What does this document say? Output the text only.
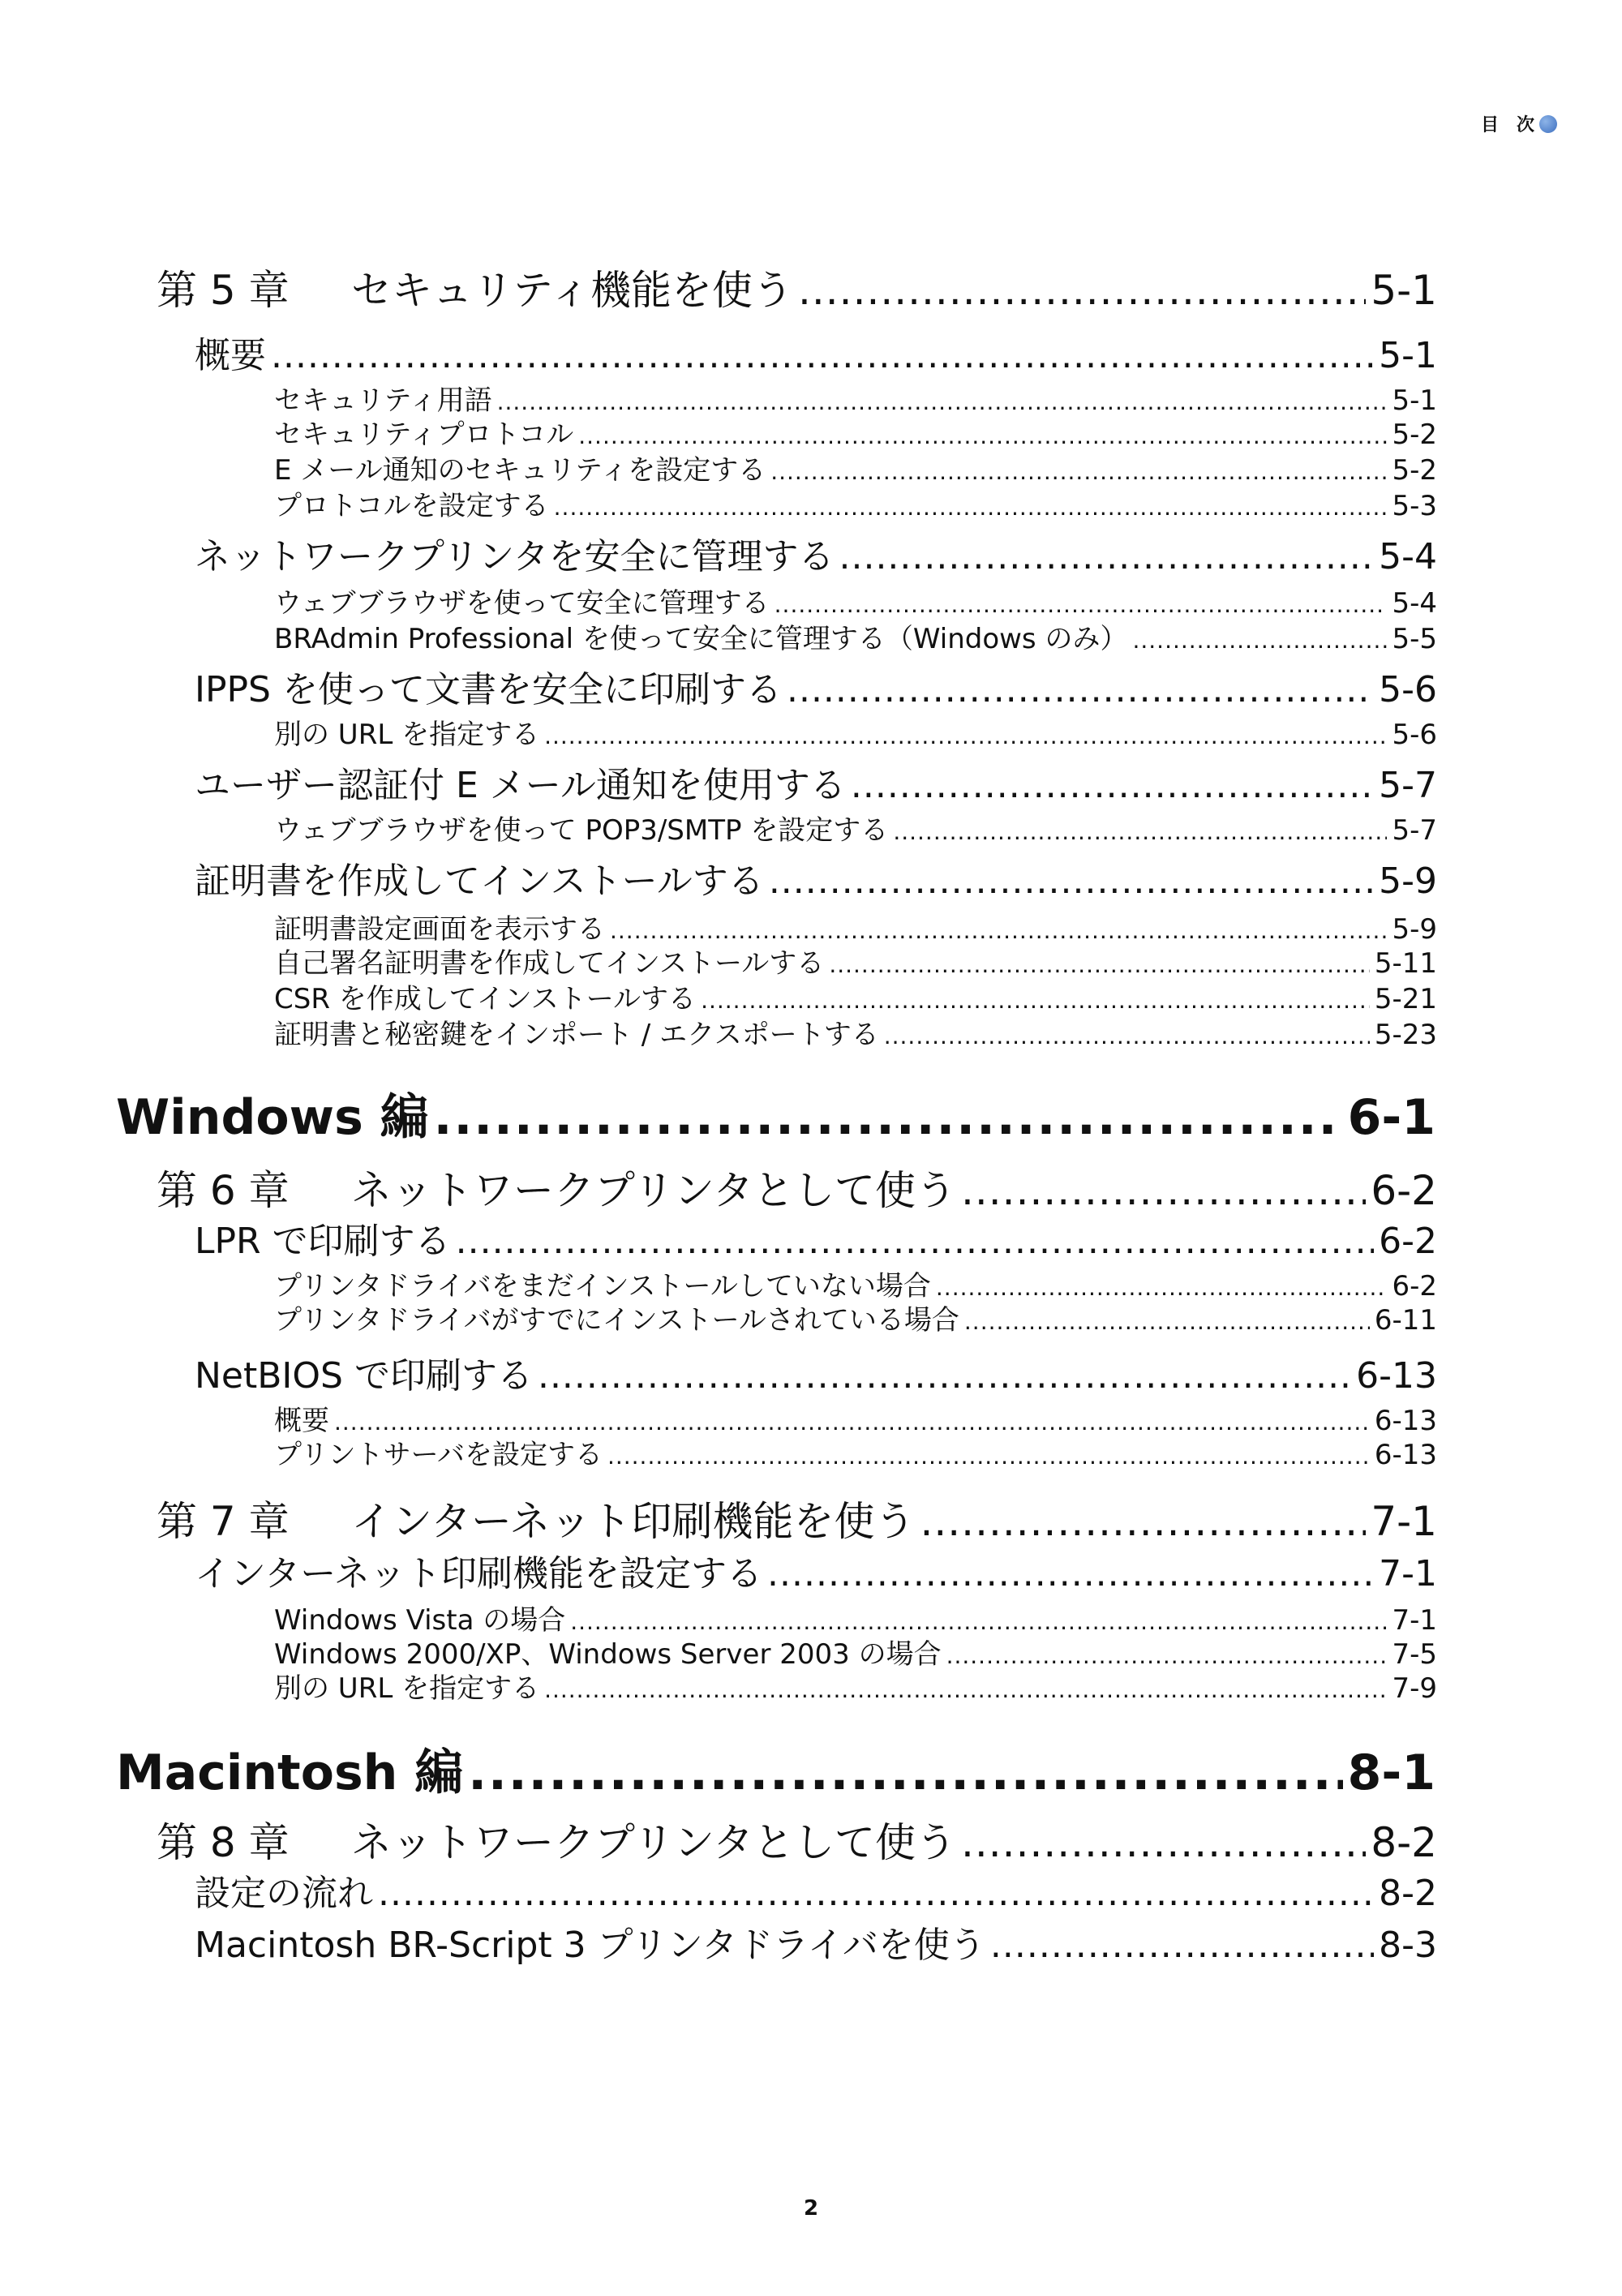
目　次
第 5 章 セキュリティ機能を使う .....	5-1
概要 .....	5-1
セキュリティ用語 .....	5-1
セキュリティプロトコル .....	5-2
E メール通知のセキュリティを設定する .....	5-2
プロトコルを設定する .....	5-3
ネットワークプリンタを安全に管理する .....	5-4
ウェブブラウザを使って安全に管理する .....	5-4
BRAdmin Professional を使って安全に管理する（Windows のみ） .....	5-5
IPPS を使って文書を安全に印刷する .....	5-6
別の URL を指定する .....	5-6
ユーザー認証付 E メール通知を使用する .....	5-7
ウェブブラウザを使って POP3/SMTP を設定する .....	5-7
証明書を作成してインストールする .....	5-9
証明書設定画面を表示する .....	5-9
自己署名証明書を作成してインストールする .....	5-11
CSR を作成してインストールする .....	5-21
証明書と秘密鍵をインポート / エクスポートする .....	5-23
Windows 編 .....	6-1
第 6 章 ネットワークプリンタとして使う .....	6-2
LPR で印刷する .....	6-2
プリンタドライバをまだインストールしていない場合 .....	6-2
プリンタドライバがすでにインストールされている場合 .....	6-11
NetBIOS で印刷する .....	6-13
概要 .....	6-13
プリントサーバを設定する .....	6-13
第 7 章 インターネット印刷機能を使う .....	7-1
インターネット印刷機能を設定する .....	7-1
Windows Vista の場合 .....	7-1
Windows 2000/XP、Windows Server 2003 の場合 .....	7-5
別の URL を指定する .....	7-9
Macintosh 編 .....	8-1
第 8 章 ネットワークプリンタとして使う .....	8-2
設定の流れ .....	8-2
Macintosh BR-Script 3 プリンタドライバを使う .....	8-3
2
